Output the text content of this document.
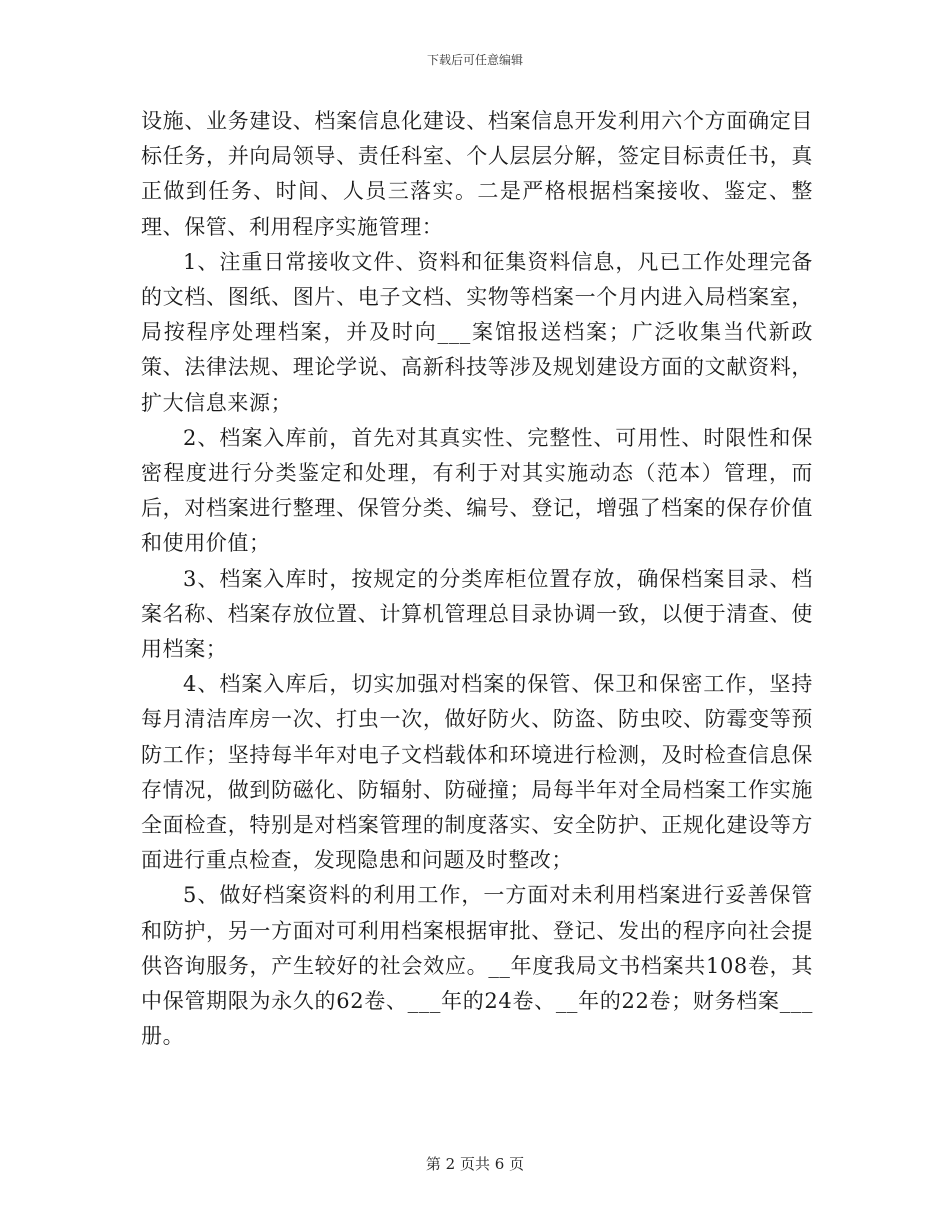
下载后可任意编辑

设施、业务建设、档案信息化建设、档案信息开发利用六个方面确定目标任务，并向局领导、责任科室、个人层层分解，签定目标责任书，真正做到任务、时间、人员三落实。二是严格根据档案接收、鉴定、整理、保管、利用程序实施管理：

1、注重日常接收文件、资料和征集资料信息，凡已工作处理完备的文档、图纸、图片、电子文档、实物等档案一个月内进入局档案室，局按程序处理档案，并及时向___案馆报送档案；广泛收集当代新政策、法律法规、理论学说、高新科技等涉及规划建设方面的文献资料，扩大信息来源；

2、档案入库前，首先对其真实性、完整性、可用性、时限性和保密程度进行分类鉴定和处理，有利于对其实施动态（范本）管理，而后，对档案进行整理、保管分类、编号、登记，增强了档案的保存价值和使用价值；

3、档案入库时，按规定的分类库柜位置存放，确保档案目录、档案名称、档案存放位置、计算机管理总目录协调一致，以便于清查、使用档案；

4、档案入库后，切实加强对档案的保管、保卫和保密工作，坚持每月清洁库房一次、打虫一次，做好防火、防盗、防虫咬、防霉变等预防工作；坚持每半年对电子文档载体和环境进行检测，及时检查信息保存情况，做到防磁化、防辐射、防碰撞；局每半年对全局档案工作实施全面检查，特别是对档案管理的制度落实、安全防护、正规化建设等方面进行重点检查，发现隐患和问题及时整改；

5、做好档案资料的利用工作，一方面对未利用档案进行妥善保管和防护，另一方面对可利用档案根据审批、登记、发出的程序向社会提供咨询服务，产生较好的社会效应。__年度我局文书档案共108卷，其中保管期限为永久的62卷、___年的24卷、__年的22卷；财务档案___册。

第 2 页共 6 页
